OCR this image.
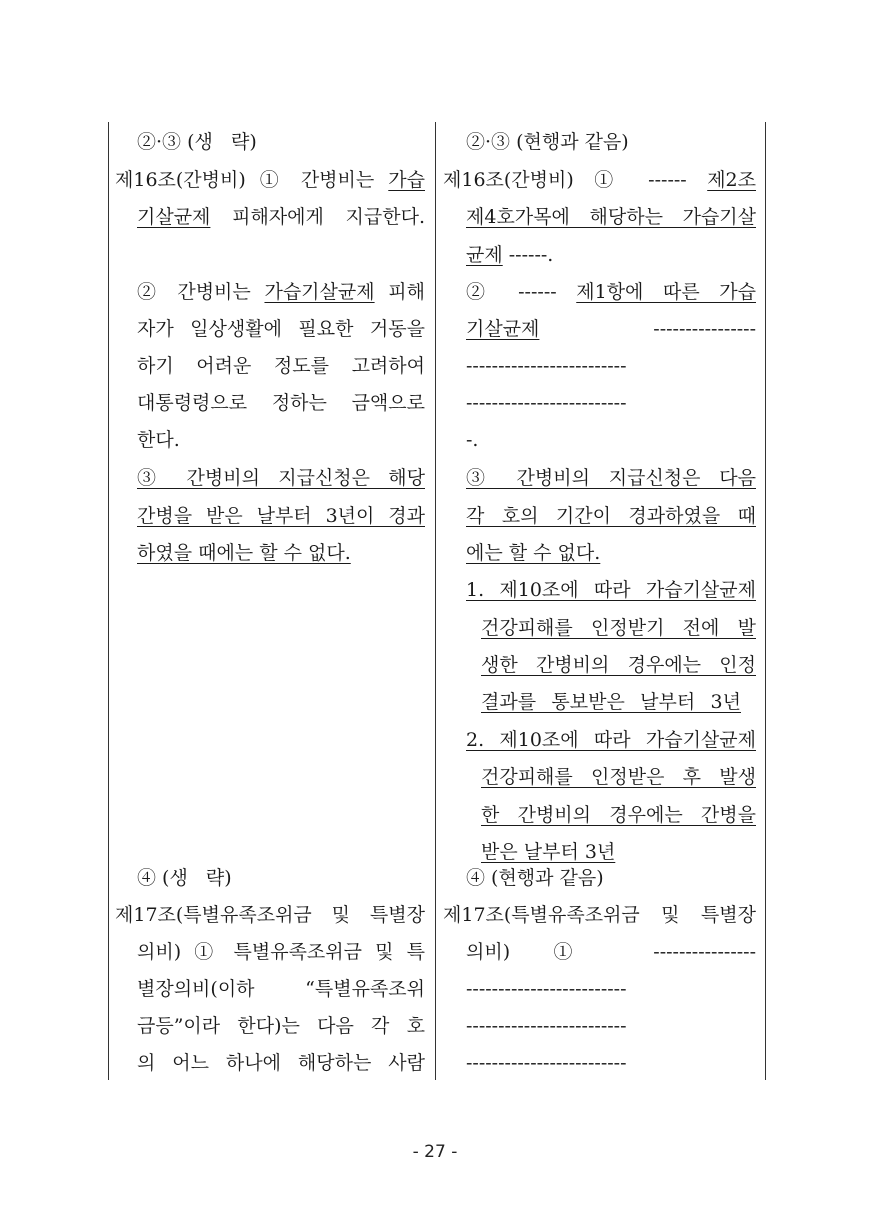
②·③ (생   략)
제16조(간병비) ① 간병비는 가습
기살균제 피해자에게 지급한다.
② 간병비는 가습기살균제 피해
자가 일상생활에 필요한 거동을
하기 어려운 정도를 고려하여
대통령령으로 정하는 금액으로
한다.
③ 간병비의 지급신청은 해당
간병을 받은 날부터 3년이 경과
하였을 때에는 할 수 없다.
④ (생   략)
제17조(특별유족조위금 및 특별장
의비) ① 특별유족조위금 및 특
별장의비(이하 “특별유족조위
금등”이라 한다)는 다음 각 호
의 어느 하나에 해당하는 사람
②·③ (현행과 같음)
제16조(간병비) ① ------ 제2조
제4호가목에 해당하는 가습기살
균제 ------.
② ------ 제1항에 따른 가습
기살균제 ----------------
-------------------------
-------------------------
-.
③ 간병비의 지급신청은 다음
각 호의 기간이 경과하였을 때
에는 할 수 없다.
1. 제10조에 따라 가습기살균제
건강피해를 인정받기 전에 발
생한 간병비의 경우에는 인정
결과를 통보받은 날부터 3년
2. 제10조에 따라 가습기살균제
건강피해를 인정받은 후 발생
한 간병비의 경우에는 간병을
받은 날부터 3년
④ (현행과 같음)
제17조(특별유족조위금 및 특별장
의비) ① ----------------
-------------------------
-------------------------
-------------------------
- 27 -
